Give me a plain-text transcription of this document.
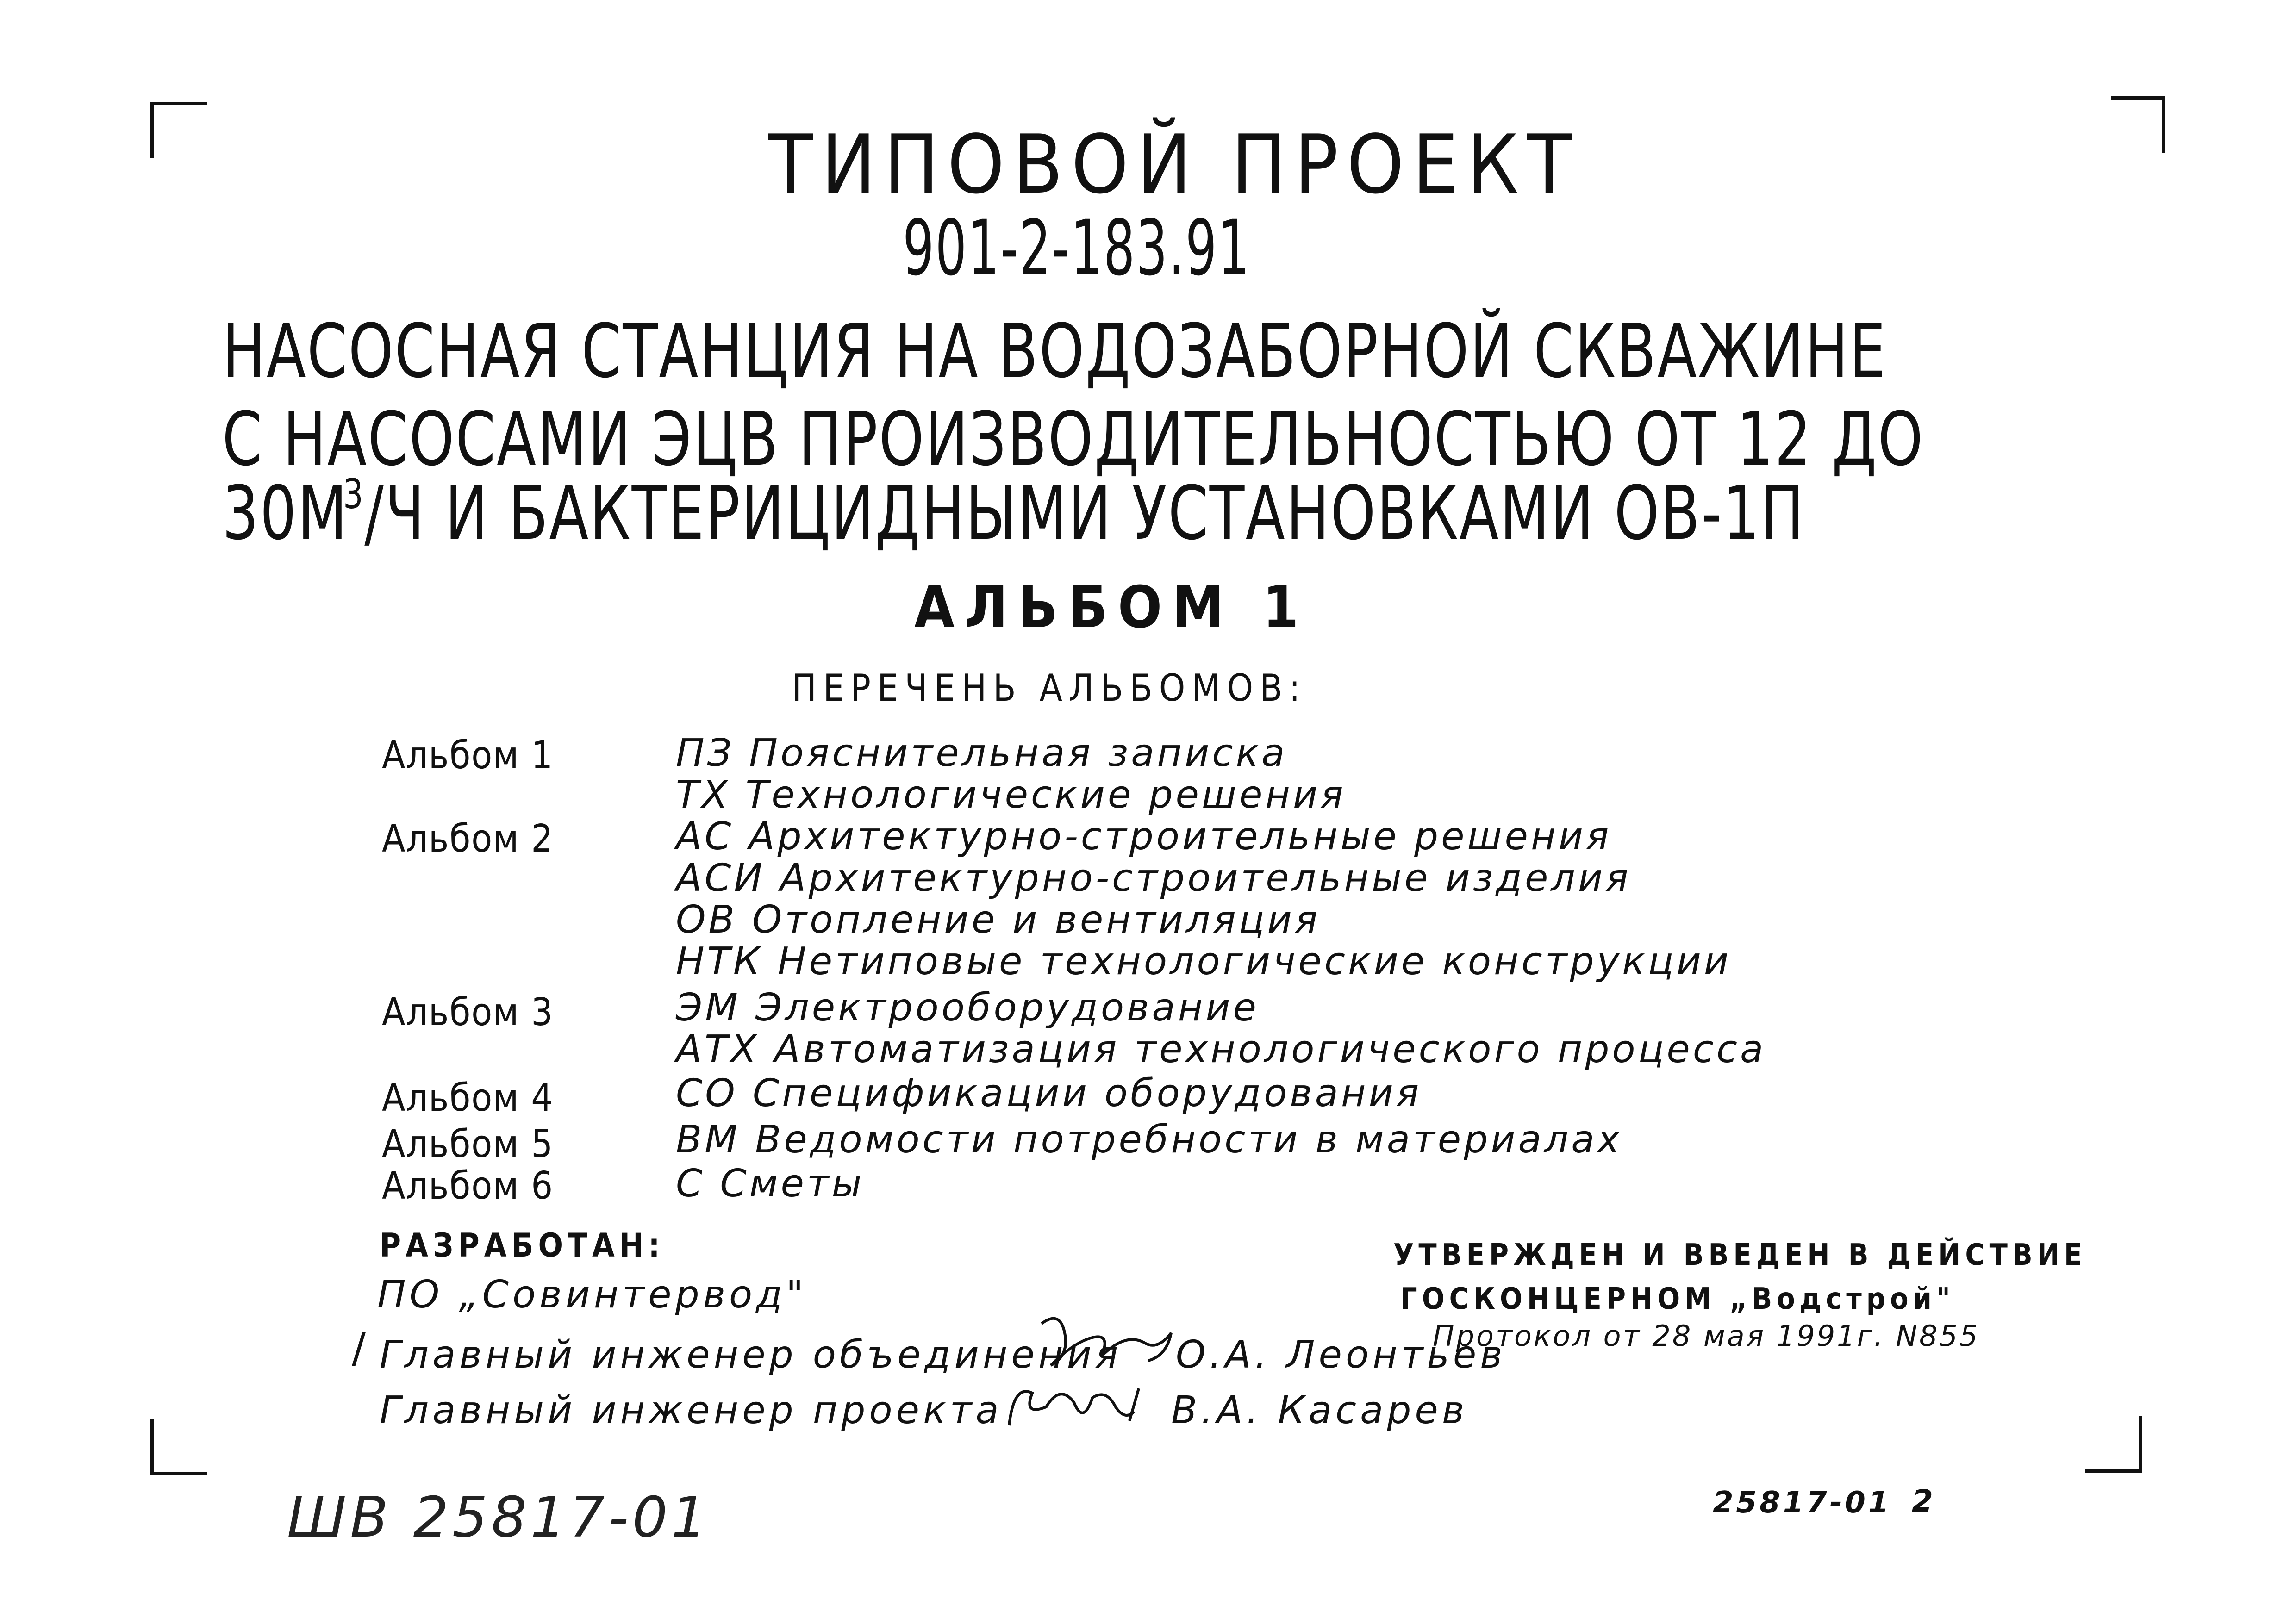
ТИПОВОЙ ПРОЕКТ
901-2-183.91
НАСОСНАЯ СТАНЦИЯ НА ВОДОЗАБОРНОЙ СКВАЖИНЕ
С НАСОСАМИ ЭЦВ ПРОИЗВОДИТЕЛЬНОСТЬЮ ОТ 12 ДО
$30М^3/Ч$ И БАКТЕРИЦИДНЫМИ УСТАНОВКАМИ ОВ-1П
АЛЬБОМ 1
ПЕРЕЧЕНЬ АЛЬБОМОВ:
Альбом 1	ПЗ Пояснительная записка
ТХ Технологические решения
Альбом 2	АС Архитектурно-строительные решения
АСИ Архитектурно-строительные изделия
ОВ Отопление и вентиляция
НТК Нетиповые технологические конструкции
Альбом 3	ЭМ Электрооборудование
АТХ Автоматизация технологического процесса
Альбом 4	СО Спецификации оборудования
Альбом 5	ВМ Ведомости потребности в материалах
Альбом 6	С Сметы
РАЗРАБОТАН:
ПО „Совинтервод"
УТВЕРЖДЕН И ВВЕДЕН В ДЕЙСТВИЕ
ГОСКОНЦЕРНОМ „Водстрой"
Протокол от 28 мая 1991г. N855
/ Главный инженер объединения О.А. Леонтьев
Главный инженер проекта	В.А. Касарев
ШВ 25817-01	25817-01 2
